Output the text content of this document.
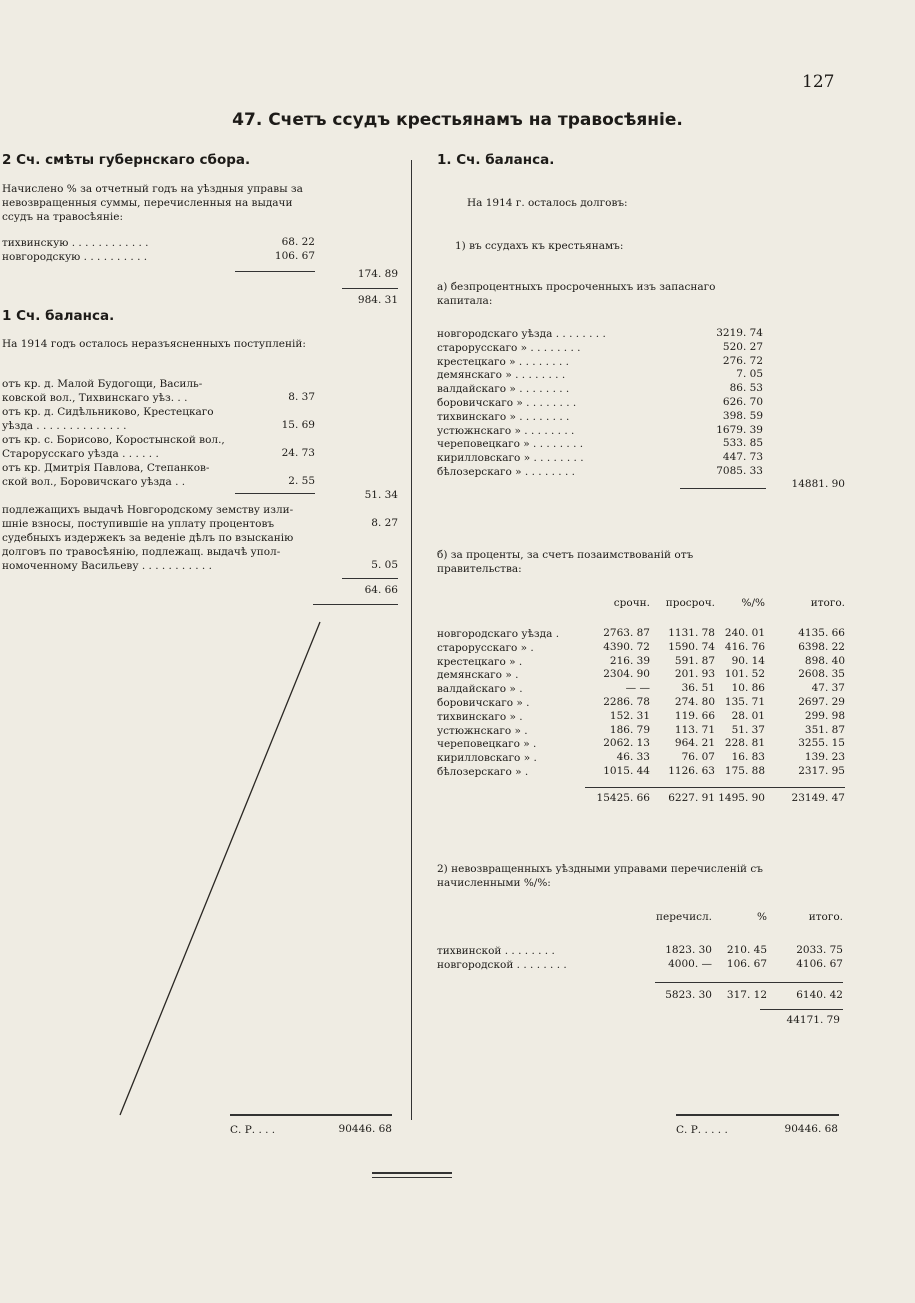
127
47. Счетъ ссудъ крестьянамъ на травосѣяніе.
2 Сч. смѣты губернскаго сбора.
Начислено % за отчетный годъ на уѣздныя управы за невозвращенныя суммы, перечисленныя на выдачи ссудъ на травосѣяніе:
тихвинскую . . . . . . . . . . . .	68. 22
новгородскую . . . . . . . . . .	106. 67
174. 89
984. 31
1 Сч. баланса.
На 1914 годъ осталось неразъясненныхъ поступленій:
отъ кр. д. Малой Будогощи, Василь-
ковской вол., Тихвинскаго уѣз. . .	8. 37
отъ кр. д. Сидѣльниково, Крестецкаго
уѣзда . . . . . . . . . . . . . .	15. 69
отъ кр. с. Борисово, Коростынской вол.,
Старорусскаго уѣзда . . . . . .	24. 73
отъ кр. Дмитрія Павлова, Степанков-
ской вол., Боровичскаго уѣзда . .	2. 55
51. 34
подлежащихъ выдачѣ Новгородскому земству изли-
шніе взносы, поступившіе на уплату процентовъ	8. 27
судебныхъ издержекъ за веденіе дѣлъ по взысканію
долговъ по травосѣянію, подлежащ. выдачѣ упол-
номоченному Васильеву . . . . . . . . . . .	5. 05
64. 66
С. Р. . . .	90446. 68
1. Сч. баланса.
На 1914 г. осталось долговъ:
1) въ ссудахъ къ крестьянамъ:
а) безпроцентныхъ просроченныхъ изъ запаснаго капитала:
новгородскаго уѣзда . . . . . . . .	3219. 74
старорусскаго » . . . . . . . .	520. 27
крестецкаго » . . . . . . . .	276. 72
демянскаго » . . . . . . . .	7. 05
валдайскаго » . . . . . . . .	86. 53
боровичскаго » . . . . . . . .	626. 70
тихвинскаго » . . . . . . . .	398. 59
устюжнскаго » . . . . . . . .	1679. 39
череповецкаго » . . . . . . . .	533. 85
кирилловскаго » . . . . . . . .	447. 73
бѣлозерскаго » . . . . . . . .	7085. 33
14881. 90
б) за проценты, за счетъ позаимствованій отъ правительства:
срочн. просроч.	%/%	итого.
новгородскаго уѣзда .	2763. 87 1131. 78 240. 01	4135. 66
старорусскаго » .	4390. 72 1590. 74 416. 76	6398. 22
крестецкаго » .	216. 39 591. 87 90. 14	898. 40
демянскаго » .	2304. 90 201. 93 101. 52	2608. 35
валдайскаго » .	— —	36. 51 10. 86	47. 37
боровичскаго » .	2286. 78 274. 80 135. 71	2697. 29
тихвинскаго » .	152. 31 119. 66 28. 01	299. 98
устюжнскаго » .	186. 79 113. 71 51. 37	351. 87
череповецкаго » .	2062. 13 964. 21 228. 81	3255. 15
кирилловскаго » .	46. 33	76. 07 16. 83	139. 23
бѣлозерскаго » .	1015. 44 1126. 63 175. 88	2317. 95
15425. 66 6227. 91 1495. 90	23149. 47
2) невозвращенныхъ уѣздными управами перечисленій съ начисленными %/%:
перечисл.	%	итого.
тихвинской . . . . . . . .	1823. 30 210. 45	2033. 75
новгородской . . . . . . . .	4000. — 106. 67	4106. 67
5823. 30 317. 12	6140. 42
44171. 79
С. Р. . . . .	90446. 68
